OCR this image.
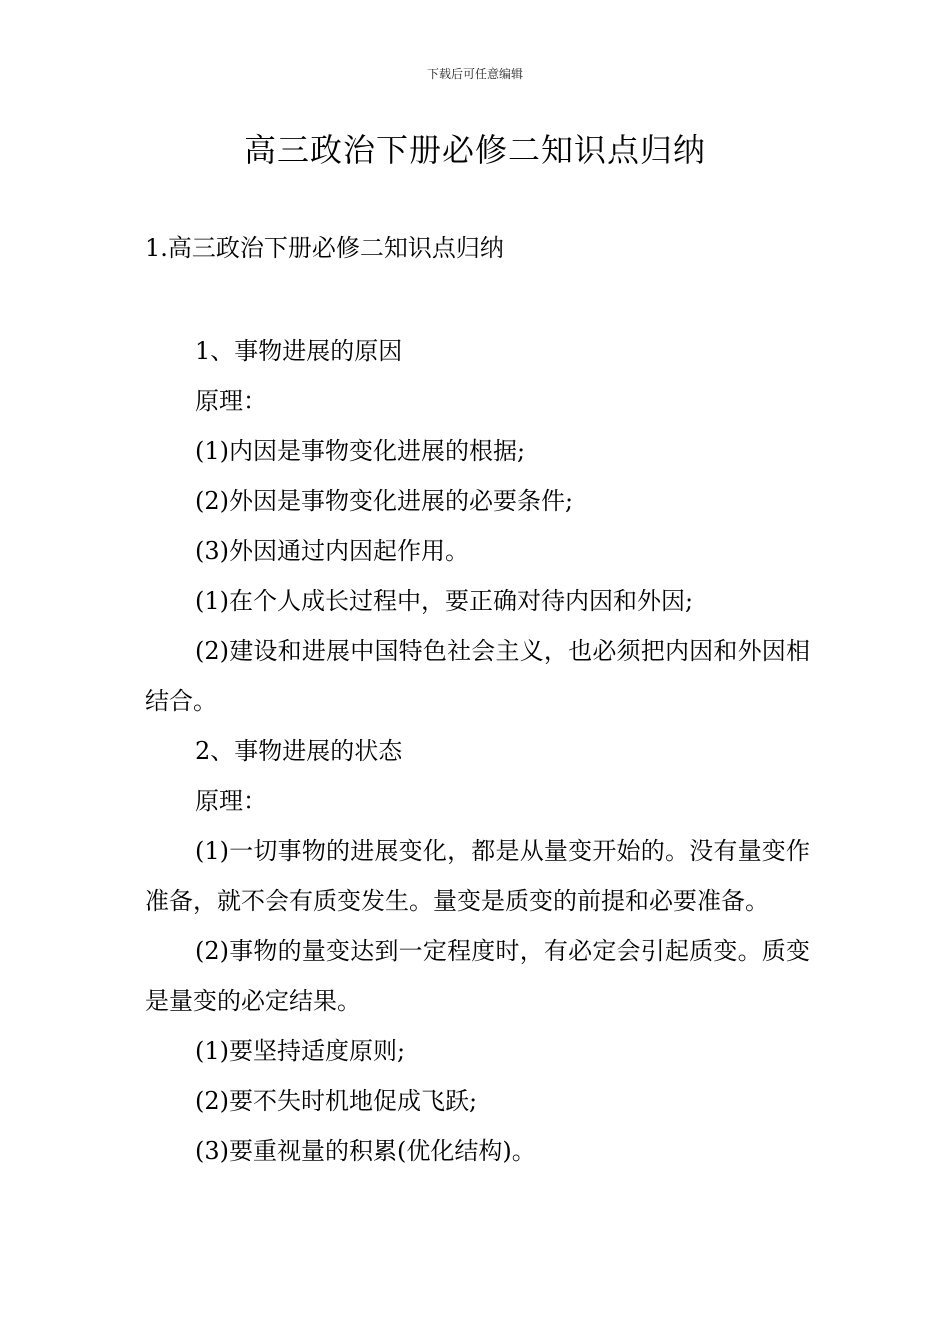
下载后可任意编辑
高三政治下册必修二知识点归纳
1.高三政治下册必修二知识点归纳

1、事物进展的原因

原理：

(1)内因是事物变化进展的根据;

(2)外因是事物变化进展的必要条件;

(3)外因通过内因起作用。

(1)在个人成长过程中，要正确对待内因和外因;

(2)建设和进展中国特色社会主义，也必须把内因和外因相结合。

2、事物进展的状态

原理：

(1)一切事物的进展变化，都是从量变开始的。没有量变作准备，就不会有质变发生。量变是质变的前提和必要准备。

(2)事物的量变达到一定程度时，有必定会引起质变。质变是量变的必定结果。

(1)要坚持适度原则;

(2)要不失时机地促成飞跃;

(3)要重视量的积累(优化结构)。
